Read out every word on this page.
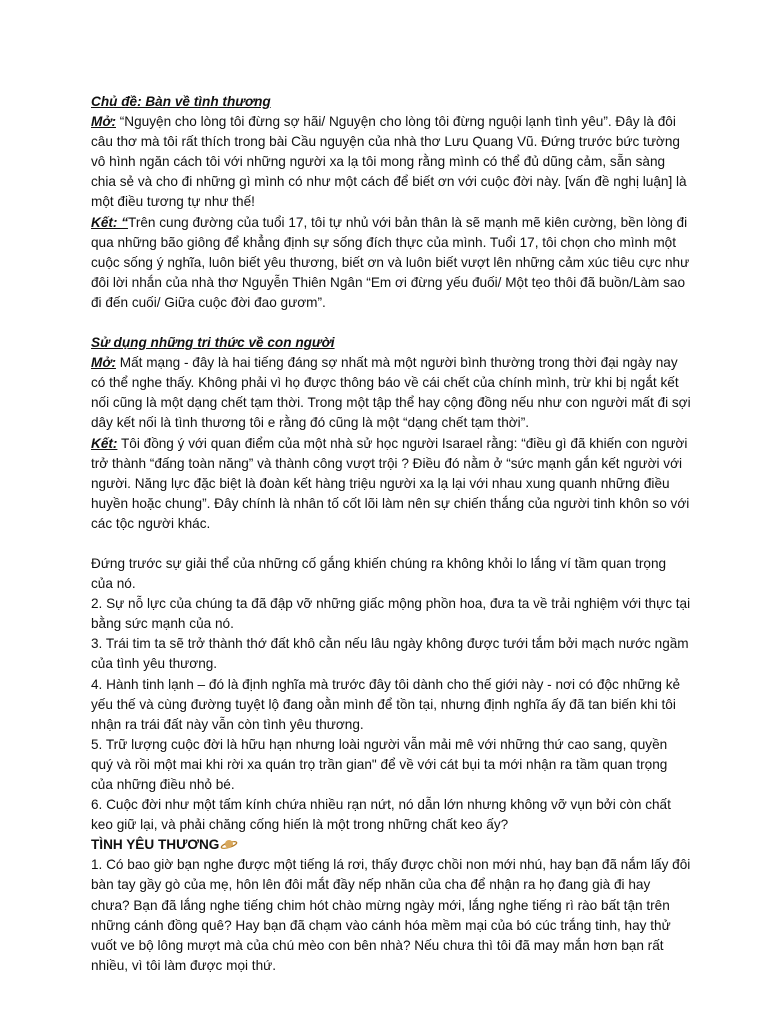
Chủ đề: Bàn về tình thương

Mở: “Nguyện cho lòng tôi đừng sợ hãi/ Nguyện cho lòng tôi đừng nguội lạnh tình yêu”. Đây là đôi câu thơ mà tôi rất thích trong bài Cầu nguyện của nhà thơ Lưu Quang Vũ. Đứng trước bức tường vô hình ngăn cách tôi với những người xa lạ tôi mong rằng mình có thể đủ dũng cảm, sẵn sàng chia sẻ và cho đi những gì mình có như một cách để biết ơn với cuộc đời này. [vấn đề nghị luận] là một điều tương tự như thế!

Kết: “Trên cung đường của tuổi 17, tôi tự nhủ với bản thân là sẽ mạnh mẽ kiên cường, bền lòng đi qua những bão giông để khẳng định sự sống đích thực của mình. Tuổi 17, tôi chọn cho mình một cuộc sống ý nghĩa, luôn biết yêu thương, biết ơn và luôn biết vượt lên những cảm xúc tiêu cực như đôi lời nhắn của nhà thơ Nguyễn Thiên Ngân “Em ơi đừng yếu đuối/ Một tẹo thôi đã buồn/Làm sao đi đến cuối/ Giữa cuộc đời đao gươm”.

Sử dụng những tri thức về con người

Mở: Mất mạng - đây là hai tiếng đáng sợ nhất mà một người bình thường trong thời đại ngày nay có thể nghe thấy. Không phải vì họ được thông báo về cái chết của chính mình, trừ khi bị ngắt kết nối cũng là một dạng chết tạm thời. Trong một tập thể hay cộng đồng nếu như con người mất đi sợi dây kết nối là tình thương tôi e rằng đó cũng là một “dạng chết tạm thời”.

Kết: Tôi đồng ý với quan điểm của một nhà sử học người Isarael rằng: “điều gì đã khiến con người trở thành “đấng toàn năng” và thành công vượt trội ? Điều đó nằm ở “sức mạnh gắn kết người với người. Năng lực đặc biệt là đoàn kết hàng triệu người xa lạ lại với nhau xung quanh những điều huyền hoặc chung”. Đây chính là nhân tố cốt lõi làm nên sự chiến thắng của người tinh khôn so với các tộc người khác.

Đứng trước sự giải thể của những cố gắng khiến chúng ra không khỏi lo lắng ví tầm quan trọng của nó.

2. Sự nỗ lực của chúng ta đã đập vỡ những giấc mộng phồn hoa, đưa ta về trải nghiệm với thực tại bằng sức mạnh của nó.

3. Trái tim ta sẽ trở thành thớ đất khô cằn nếu lâu ngày không được tưới tắm bởi mạch nước ngầm của tình yêu thương.

4. Hành tinh lạnh – đó là định nghĩa mà trước đây tôi dành cho thế giới này - nơi có độc những kẻ yếu thế và cùng đường tuyệt lộ đang oằn mình để tồn tại, nhưng định nghĩa ấy đã tan biến khi tôi nhận ra trái đất này vẫn còn tình yêu thương.

5. Trữ lượng cuộc đời là hữu hạn nhưng loài người vẫn mải mê với những thứ cao sang, quyền quý và rồi một mai khi rời xa quán trọ trần gian" để về với cát bụi ta mới nhận ra tầm quan trọng của những điều nhỏ bé.

6. Cuộc đời như một tấm kính chứa nhiều rạn nứt, nó dẫn lớn nhưng không vỡ vụn bởi còn chất keo giữ lại, và phải chăng cống hiến là một trong những chất keo ấy?

TÌNH YÊU THƯƠNG

1. Có bao giờ bạn nghe được một tiếng lá rơi, thấy được chồi non mới nhú, hay bạn đã nắm lấy đôi bàn tay gầy gò của mẹ, hôn lên đôi mắt đầy nếp nhăn của cha để nhận ra họ đang già đi hay chưa? Bạn đã lắng nghe tiếng chim hót chào mừng ngày mới, lắng nghe tiếng rì rào bất tận trên những cánh đồng quê? Hay bạn đã chạm vào cánh hóa mềm mại của bó cúc trắng tinh, hay thử vuốt ve bộ lông mượt mà của chú mèo con bên nhà? Nếu chưa thì tôi đã may mắn hơn bạn rất nhiều, vì tôi làm được mọi thứ.
